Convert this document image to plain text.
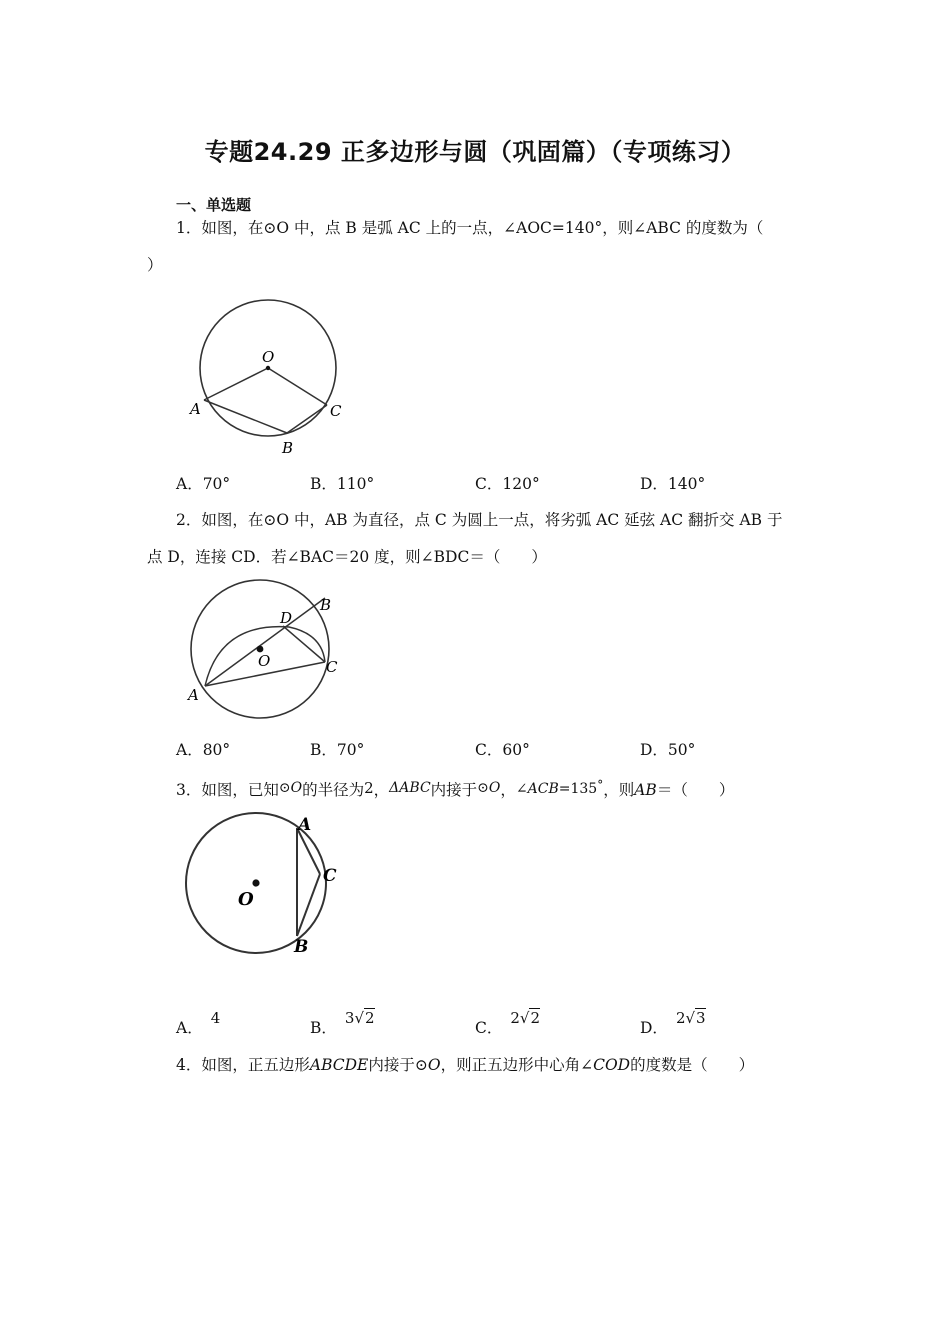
专题24.29 正多边形与圆（巩固篇）（专项练习）
一、单选题
1．如图，在⊙O 中，点 B 是弧 AC 上的一点，∠AOC=140°，则∠ABC 的度数为（
）
O
A	C
B
A．70°	B．110°	C．120°	D．140°
2．如图，在⊙O 中，AB 为直径，点 C 为圆上一点，将劣弧 AC 延弦 AC 翻折交 AB 于
点 D，连接 CD．若∠BAC＝20 度，则∠BDC＝（　　）
D
B
O	C
A
A．80°	B．70°	C．60°	D．50°
3．如图，已知⊙O的半径为2，ΔABC内接于⊙O，∠ACB=135°，则AB＝（　　）
A
C
O
B
A．4
B．3√2
C．2√2
D．2√3
4．如图，正五边形ABCDE内接于⊙O，则正五边形中心角∠COD的度数是（　　）
